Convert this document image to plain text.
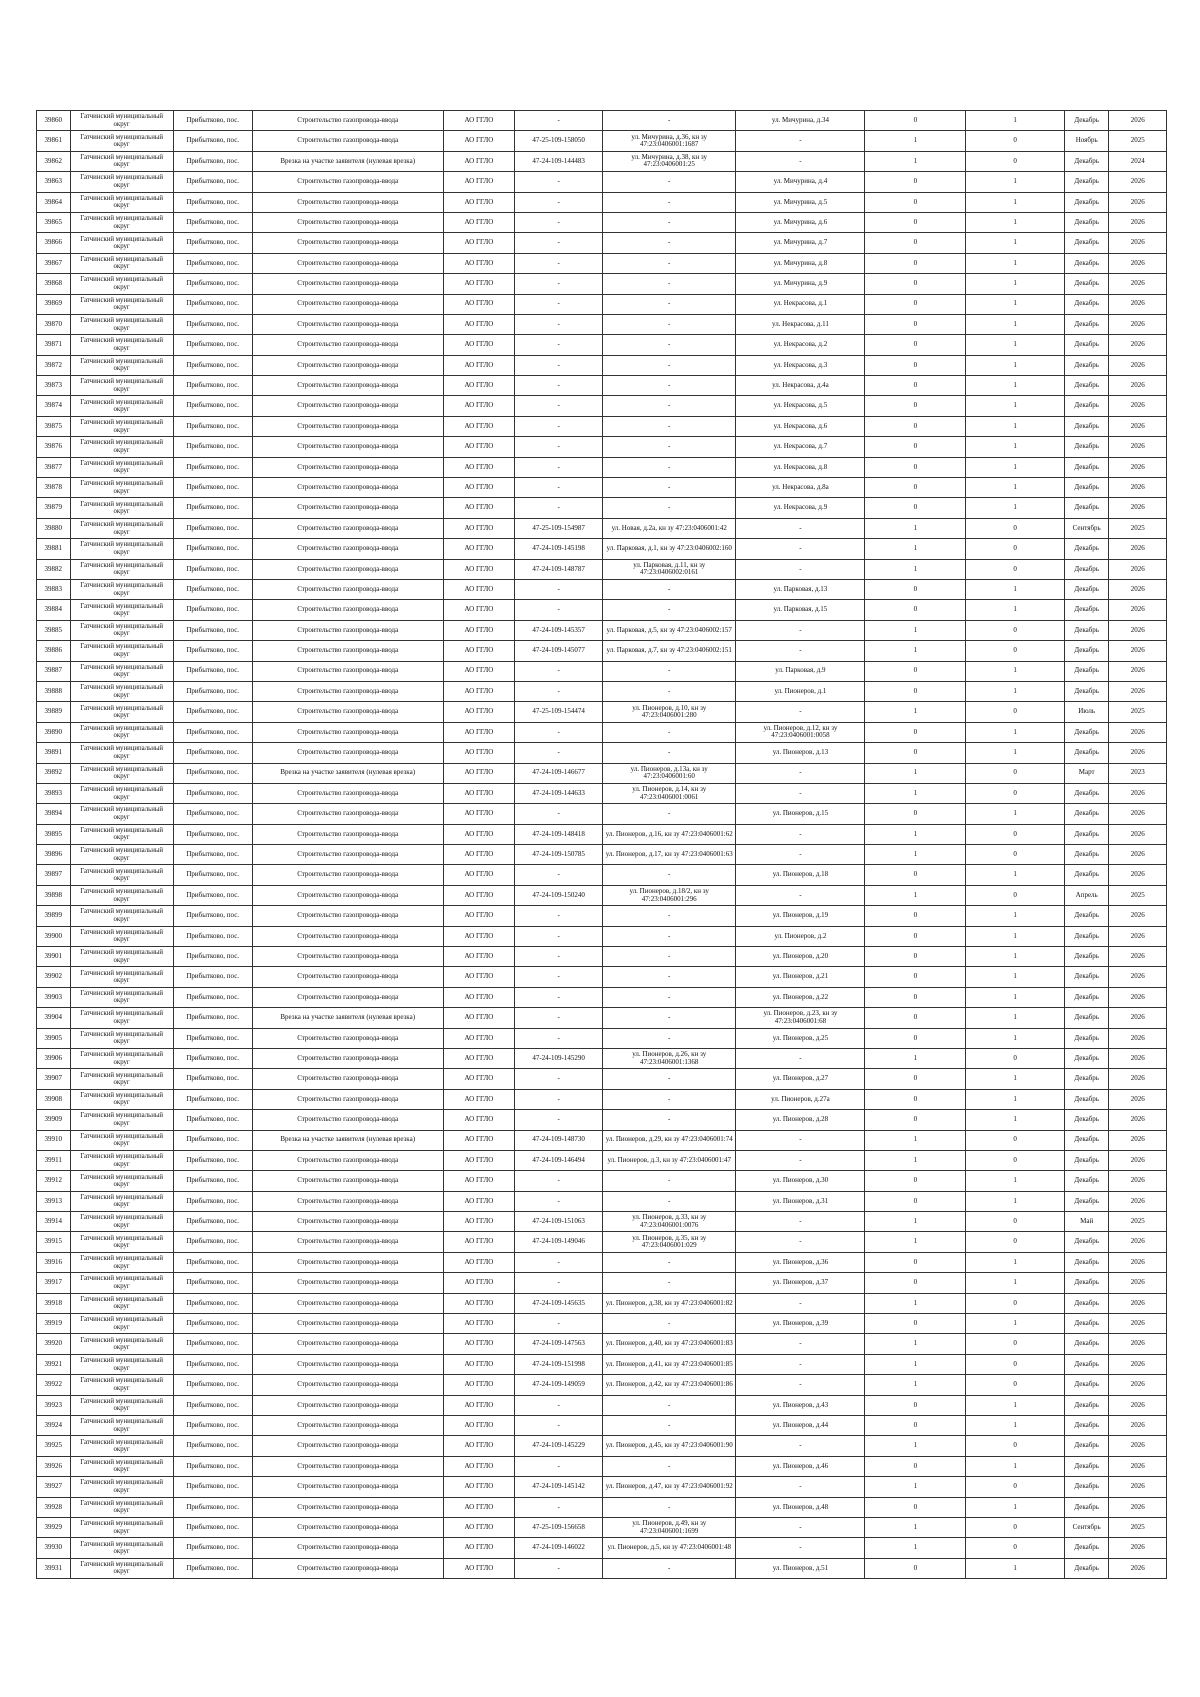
39860	Гатчинский муниципальный округ	Прибытково, пос.	Строительство газопровода-ввода	АО ГГЛО	-	-	ул. Мичурина, д.34	0	1	Декабрь	2026
39861	Гатчинский муниципальный округ	Прибытково, пос.	Строительство газопровода-ввода	АО ГГЛО	47-25-109-158050	ул. Мичурина, д.36, кн зу 47:23:0406001:1687	-	1	0	Ноябрь	2025
39862	Гатчинский муниципальный округ	Прибытково, пос.	Врезка на участке заявителя (нулевая врезка)	АО ГГЛО	47-24-109-144483	ул. Мичурина, д.38, кн зу 47:23:0406001:25	-	1	0	Декабрь	2024
39863	Гатчинский муниципальный округ	Прибытково, пос.	Строительство газопровода-ввода	АО ГГЛО	-	-	ул. Мичурина, д.4	0	1	Декабрь	2026
39864	Гатчинский муниципальный округ	Прибытково, пос.	Строительство газопровода-ввода	АО ГГЛО	-	-	ул. Мичурина, д.5	0	1	Декабрь	2026
39865	Гатчинский муниципальный округ	Прибытково, пос.	Строительство газопровода-ввода	АО ГГЛО	-	-	ул. Мичурина, д.6	0	1	Декабрь	2026
39866	Гатчинский муниципальный округ	Прибытково, пос.	Строительство газопровода-ввода	АО ГГЛО	-	-	ул. Мичурина, д.7	0	1	Декабрь	2026
39867	Гатчинский муниципальный округ	Прибытково, пос.	Строительство газопровода-ввода	АО ГГЛО	-	-	ул. Мичурина, д.8	0	1	Декабрь	2026
39868	Гатчинский муниципальный округ	Прибытково, пос.	Строительство газопровода-ввода	АО ГГЛО	-	-	ул. Мичурина, д.9	0	1	Декабрь	2026
39869	Гатчинский муниципальный округ	Прибытково, пос.	Строительство газопровода-ввода	АО ГГЛО	-	-	ул. Некрасова, д.1	0	1	Декабрь	2026
39870	Гатчинский муниципальный округ	Прибытково, пос.	Строительство газопровода-ввода	АО ГГЛО	-	-	ул. Некрасова, д.11	0	1	Декабрь	2026
39871	Гатчинский муниципальный округ	Прибытково, пос.	Строительство газопровода-ввода	АО ГГЛО	-	-	ул. Некрасова, д.2	0	1	Декабрь	2026
39872	Гатчинский муниципальный округ	Прибытково, пос.	Строительство газопровода-ввода	АО ГГЛО	-	-	ул. Некрасова, д.3	0	1	Декабрь	2026
39873	Гатчинский муниципальный округ	Прибытково, пос.	Строительство газопровода-ввода	АО ГГЛО	-	-	ул. Некрасова, д.4а	0	1	Декабрь	2026
39874	Гатчинский муниципальный округ	Прибытково, пос.	Строительство газопровода-ввода	АО ГГЛО	-	-	ул. Некрасова, д.5	0	1	Декабрь	2026
39875	Гатчинский муниципальный округ	Прибытково, пос.	Строительство газопровода-ввода	АО ГГЛО	-	-	ул. Некрасова, д.6	0	1	Декабрь	2026
39876	Гатчинский муниципальный округ	Прибытково, пос.	Строительство газопровода-ввода	АО ГГЛО	-	-	ул. Некрасова, д.7	0	1	Декабрь	2026
39877	Гатчинский муниципальный округ	Прибытково, пос.	Строительство газопровода-ввода	АО ГГЛО	-	-	ул. Некрасова, д.8	0	1	Декабрь	2026
39878	Гатчинский муниципальный округ	Прибытково, пос.	Строительство газопровода-ввода	АО ГГЛО	-	-	ул. Некрасова, д.8а	0	1	Декабрь	2026
39879	Гатчинский муниципальный округ	Прибытково, пос.	Строительство газопровода-ввода	АО ГГЛО	-	-	ул. Некрасова, д.9	0	1	Декабрь	2026
39880	Гатчинский муниципальный округ	Прибытково, пос.	Строительство газопровода-ввода	АО ГГЛО	47-25-109-154987	ул. Новая, д.2а, кн зу 47:23:0406001:42	-	1	0	Сентябрь	2025
39881	Гатчинский муниципальный округ	Прибытково, пос.	Строительство газопровода-ввода	АО ГГЛО	47-24-109-145198	ул. Парковая, д.1, кн зу 47:23:0406002:160	-	1	0	Декабрь	2026
39882	Гатчинский муниципальный округ	Прибытково, пос.	Строительство газопровода-ввода	АО ГГЛО	47-24-109-148787	ул. Парковая, д.11, кн зу 47:23:0406002:0161	-	1	0	Декабрь	2026
39883	Гатчинский муниципальный округ	Прибытково, пос.	Строительство газопровода-ввода	АО ГГЛО	-	-	ул. Парковая, д.13	0	1	Декабрь	2026
39884	Гатчинский муниципальный округ	Прибытково, пос.	Строительство газопровода-ввода	АО ГГЛО	-	-	ул. Парковая, д.15	0	1	Декабрь	2026
39885	Гатчинский муниципальный округ	Прибытково, пос.	Строительство газопровода-ввода	АО ГГЛО	47-24-109-145357	ул. Парковая, д.5, кн зу 47:23:0406002:157	-	1	0	Декабрь	2026
39886	Гатчинский муниципальный округ	Прибытково, пос.	Строительство газопровода-ввода	АО ГГЛО	47-24-109-145077	ул. Парковая, д.7, кн зу 47:23:0406002:151	-	1	0	Декабрь	2026
39887	Гатчинский муниципальный округ	Прибытково, пос.	Строительство газопровода-ввода	АО ГГЛО	-	-	ул. Парковая, д.9	0	1	Декабрь	2026
39888	Гатчинский муниципальный округ	Прибытково, пос.	Строительство газопровода-ввода	АО ГГЛО	-	-	ул. Пионеров, д.1	0	1	Декабрь	2026
39889	Гатчинский муниципальный округ	Прибытково, пос.	Строительство газопровода-ввода	АО ГГЛО	47-25-109-154474	ул. Пионеров, д.10, кн зу 47:23:0406001:280	-	1	0	Июль	2025
39890	Гатчинский муниципальный округ	Прибытково, пос.	Строительство газопровода-ввода	АО ГГЛО	-	-	ул. Пионеров, д.12, кн зу 47:23:0406001:0058	0	1	Декабрь	2026
39891	Гатчинский муниципальный округ	Прибытково, пос.	Строительство газопровода-ввода	АО ГГЛО	-	-	ул. Пионеров, д.13	0	1	Декабрь	2026
39892	Гатчинский муниципальный округ	Прибытково, пос.	Врезка на участке заявителя (нулевая врезка)	АО ГГЛО	47-24-109-146677	ул. Пионеров, д.13а, кн зу 47:23:0406001:60	-	1	0	Март	2023
39893	Гатчинский муниципальный округ	Прибытково, пос.	Строительство газопровода-ввода	АО ГГЛО	47-24-109-144633	ул. Пионеров, д.14, кн зу 47:23:0406001:0061	-	1	0	Декабрь	2026
39894	Гатчинский муниципальный округ	Прибытково, пос.	Строительство газопровода-ввода	АО ГГЛО	-	-	ул. Пионеров, д.15	0	1	Декабрь	2026
39895	Гатчинский муниципальный округ	Прибытково, пос.	Строительство газопровода-ввода	АО ГГЛО	47-24-109-148418	ул. Пионеров, д.16, кн зу 47:23:0406001:62	-	1	0	Декабрь	2026
39896	Гатчинский муниципальный округ	Прибытково, пос.	Строительство газопровода-ввода	АО ГГЛО	47-24-109-150785	ул. Пионеров, д.17, кн зу 47:23:0406001:63	-	1	0	Декабрь	2026
39897	Гатчинский муниципальный округ	Прибытково, пос.	Строительство газопровода-ввода	АО ГГЛО	-	-	ул. Пионеров, д.18	0	1	Декабрь	2026
39898	Гатчинский муниципальный округ	Прибытково, пос.	Строительство газопровода-ввода	АО ГГЛО	47-24-109-150240	ул. Пионеров, д.18/2, кн зу 47:23:0406001:296	-	1	0	Апрель	2025
39899	Гатчинский муниципальный округ	Прибытково, пос.	Строительство газопровода-ввода	АО ГГЛО	-	-	ул. Пионеров, д.19	0	1	Декабрь	2026
39900	Гатчинский муниципальный округ	Прибытково, пос.	Строительство газопровода-ввода	АО ГГЛО	-	-	ул. Пионеров, д.2	0	1	Декабрь	2026
39901	Гатчинский муниципальный округ	Прибытково, пос.	Строительство газопровода-ввода	АО ГГЛО	-	-	ул. Пионеров, д.20	0	1	Декабрь	2026
39902	Гатчинский муниципальный округ	Прибытково, пос.	Строительство газопровода-ввода	АО ГГЛО	-	-	ул. Пионеров, д.21	0	1	Декабрь	2026
39903	Гатчинский муниципальный округ	Прибытково, пос.	Строительство газопровода-ввода	АО ГГЛО	-	-	ул. Пионеров, д.22	0	1	Декабрь	2026
39904	Гатчинский муниципальный округ	Прибытково, пос.	Врезка на участке заявителя (нулевая врезка)	АО ГГЛО	-	-	ул. Пионеров, д.23, кн зу 47:23:0406001:68	0	1	Декабрь	2026
39905	Гатчинский муниципальный округ	Прибытково, пос.	Строительство газопровода-ввода	АО ГГЛО	-	-	ул. Пионеров, д.25	0	1	Декабрь	2026
39906	Гатчинский муниципальный округ	Прибытково, пос.	Строительство газопровода-ввода	АО ГГЛО	47-24-109-145290	ул. Пионеров, д.26, кн зу 47:23:0406001:1368	-	1	0	Декабрь	2026
39907	Гатчинский муниципальный округ	Прибытково, пос.	Строительство газопровода-ввода	АО ГГЛО	-	-	ул. Пионеров, д.27	0	1	Декабрь	2026
39908	Гатчинский муниципальный округ	Прибытково, пос.	Строительство газопровода-ввода	АО ГГЛО	-	-	ул. Пионеров, д.27а	0	1	Декабрь	2026
39909	Гатчинский муниципальный округ	Прибытково, пос.	Строительство газопровода-ввода	АО ГГЛО	-	-	ул. Пионеров, д.28	0	1	Декабрь	2026
39910	Гатчинский муниципальный округ	Прибытково, пос.	Врезка на участке заявителя (нулевая врезка)	АО ГГЛО	47-24-109-148730	ул. Пионеров, д.29, кн зу 47:23:0406001:74	-	1	0	Декабрь	2026
39911	Гатчинский муниципальный округ	Прибытково, пос.	Строительство газопровода-ввода	АО ГГЛО	47-24-109-146494	ул. Пионеров, д.3, кн зу 47:23:0406001:47	-	1	0	Декабрь	2026
39912	Гатчинский муниципальный округ	Прибытково, пос.	Строительство газопровода-ввода	АО ГГЛО	-	-	ул. Пионеров, д.30	0	1	Декабрь	2026
39913	Гатчинский муниципальный округ	Прибытково, пос.	Строительство газопровода-ввода	АО ГГЛО	-	-	ул. Пионеров, д.31	0	1	Декабрь	2026
39914	Гатчинский муниципальный округ	Прибытково, пос.	Строительство газопровода-ввода	АО ГГЛО	47-24-109-151063	ул. Пионеров, д.33, кн зу 47:23:0406001:0076	-	1	0	Май	2025
39915	Гатчинский муниципальный округ	Прибытково, пос.	Строительство газопровода-ввода	АО ГГЛО	47-24-109-149046	ул. Пионеров, д.35, кн зу 47:23:0406001:029	-	1	0	Декабрь	2026
39916	Гатчинский муниципальный округ	Прибытково, пос.	Строительство газопровода-ввода	АО ГГЛО	-	-	ул. Пионеров, д.36	0	1	Декабрь	2026
39917	Гатчинский муниципальный округ	Прибытково, пос.	Строительство газопровода-ввода	АО ГГЛО	-	-	ул. Пионеров, д.37	0	1	Декабрь	2026
39918	Гатчинский муниципальный округ	Прибытково, пос.	Строительство газопровода-ввода	АО ГГЛО	47-24-109-145635	ул. Пионеров, д.38, кн зу 47:23:0406001:82	-	1	0	Декабрь	2026
39919	Гатчинский муниципальный округ	Прибытково, пос.	Строительство газопровода-ввода	АО ГГЛО	-	-	ул. Пионеров, д.39	0	1	Декабрь	2026
39920	Гатчинский муниципальный округ	Прибытково, пос.	Строительство газопровода-ввода	АО ГГЛО	47-24-109-147563	ул. Пионеров, д.40, кн зу 47:23:0406001:83	-	1	0	Декабрь	2026
39921	Гатчинский муниципальный округ	Прибытково, пос.	Строительство газопровода-ввода	АО ГГЛО	47-24-109-151998	ул. Пионеров, д.41, кн зу 47:23:0406001:85	-	1	0	Декабрь	2026
39922	Гатчинский муниципальный округ	Прибытково, пос.	Строительство газопровода-ввода	АО ГГЛО	47-24-109-149059	ул. Пионеров, д.42, кн зу 47:23:0406001:86	-	1	0	Декабрь	2026
39923	Гатчинский муниципальный округ	Прибытково, пос.	Строительство газопровода-ввода	АО ГГЛО	-	-	ул. Пионеров, д.43	0	1	Декабрь	2026
39924	Гатчинский муниципальный округ	Прибытково, пос.	Строительство газопровода-ввода	АО ГГЛО	-	-	ул. Пионеров, д.44	0	1	Декабрь	2026
39925	Гатчинский муниципальный округ	Прибытково, пос.	Строительство газопровода-ввода	АО ГГЛО	47-24-109-145229	ул. Пионеров, д.45, кн зу 47:23:0406001:90	-	1	0	Декабрь	2026
39926	Гатчинский муниципальный округ	Прибытково, пос.	Строительство газопровода-ввода	АО ГГЛО	-	-	ул. Пионеров, д.46	0	1	Декабрь	2026
39927	Гатчинский муниципальный округ	Прибытково, пос.	Строительство газопровода-ввода	АО ГГЛО	47-24-109-145142	ул. Пионеров, д.47, кн зу 47:23:0406001:92	-	1	0	Декабрь	2026
39928	Гатчинский муниципальный округ	Прибытково, пос.	Строительство газопровода-ввода	АО ГГЛО	-	-	ул. Пионеров, д.48	0	1	Декабрь	2026
39929	Гатчинский муниципальный округ	Прибытково, пос.	Строительство газопровода-ввода	АО ГГЛО	47-25-109-156658	ул. Пионеров, д.49, кн зу 47:23:0406001:1699	-	1	0	Сентябрь	2025
39930	Гатчинский муниципальный округ	Прибытково, пос.	Строительство газопровода-ввода	АО ГГЛО	47-24-109-146022	ул. Пионеров, д.5, кн зу 47:23:0406001:48	-	1	0	Декабрь	2026
39931	Гатчинский муниципальный округ	Прибытково, пос.	Строительство газопровода-ввода	АО ГГЛО	-	-	ул. Пионеров, д.51	0	1	Декабрь	2026
